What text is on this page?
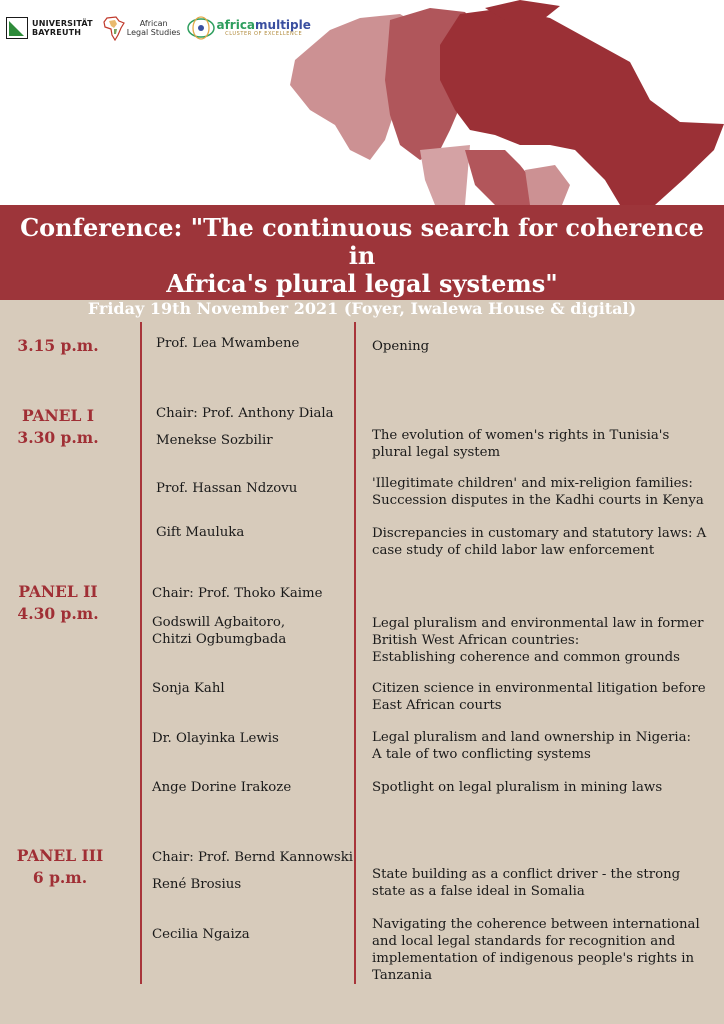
UNIVERSITÄT
BAYREUTH
African
Legal Studies
africamultiple
CLUSTER OF EXCELLENCE
Conference: "The continuous search for coherence in
Africa's plural legal systems"
Friday 19th November 2021 (Foyer, Iwalewa House & digital)
3.15 p.m.
PANEL I
3.30 p.m.
PANEL II
4.30 p.m.
PANEL III
6 p.m.
Prof. Lea Mwambene
Chair: Prof. Anthony Diala
Menekse Sozbilir
Prof. Hassan Ndzovu
Gift Mauluka
Chair: Prof. Thoko Kaime
Godswill Agbaitoro,
Chitzi Ogbumgbada
Sonja Kahl
Dr. Olayinka Lewis
Ange Dorine Irakoze
Chair: Prof. Bernd Kannowski
René Brosius
Cecilia Ngaiza
Opening
The evolution of women's rights in Tunisia's plural legal system
'Illegitimate children' and mix-religion families: Succession disputes in the Kadhi courts in Kenya
Discrepancies in customary and statutory laws: A case study of child labor law enforcement
Legal pluralism and environmental law in former British West African countries:
Establishing coherence and common grounds
Citizen science in environmental litigation before East African courts
Legal pluralism and land ownership in Nigeria:
A tale of two conflicting systems
Spotlight on legal pluralism in mining laws
State building as a conflict driver - the strong state as a false ideal in Somalia
Navigating the coherence between international and local legal standards for recognition and implementation of indigenous people's rights in Tanzania
